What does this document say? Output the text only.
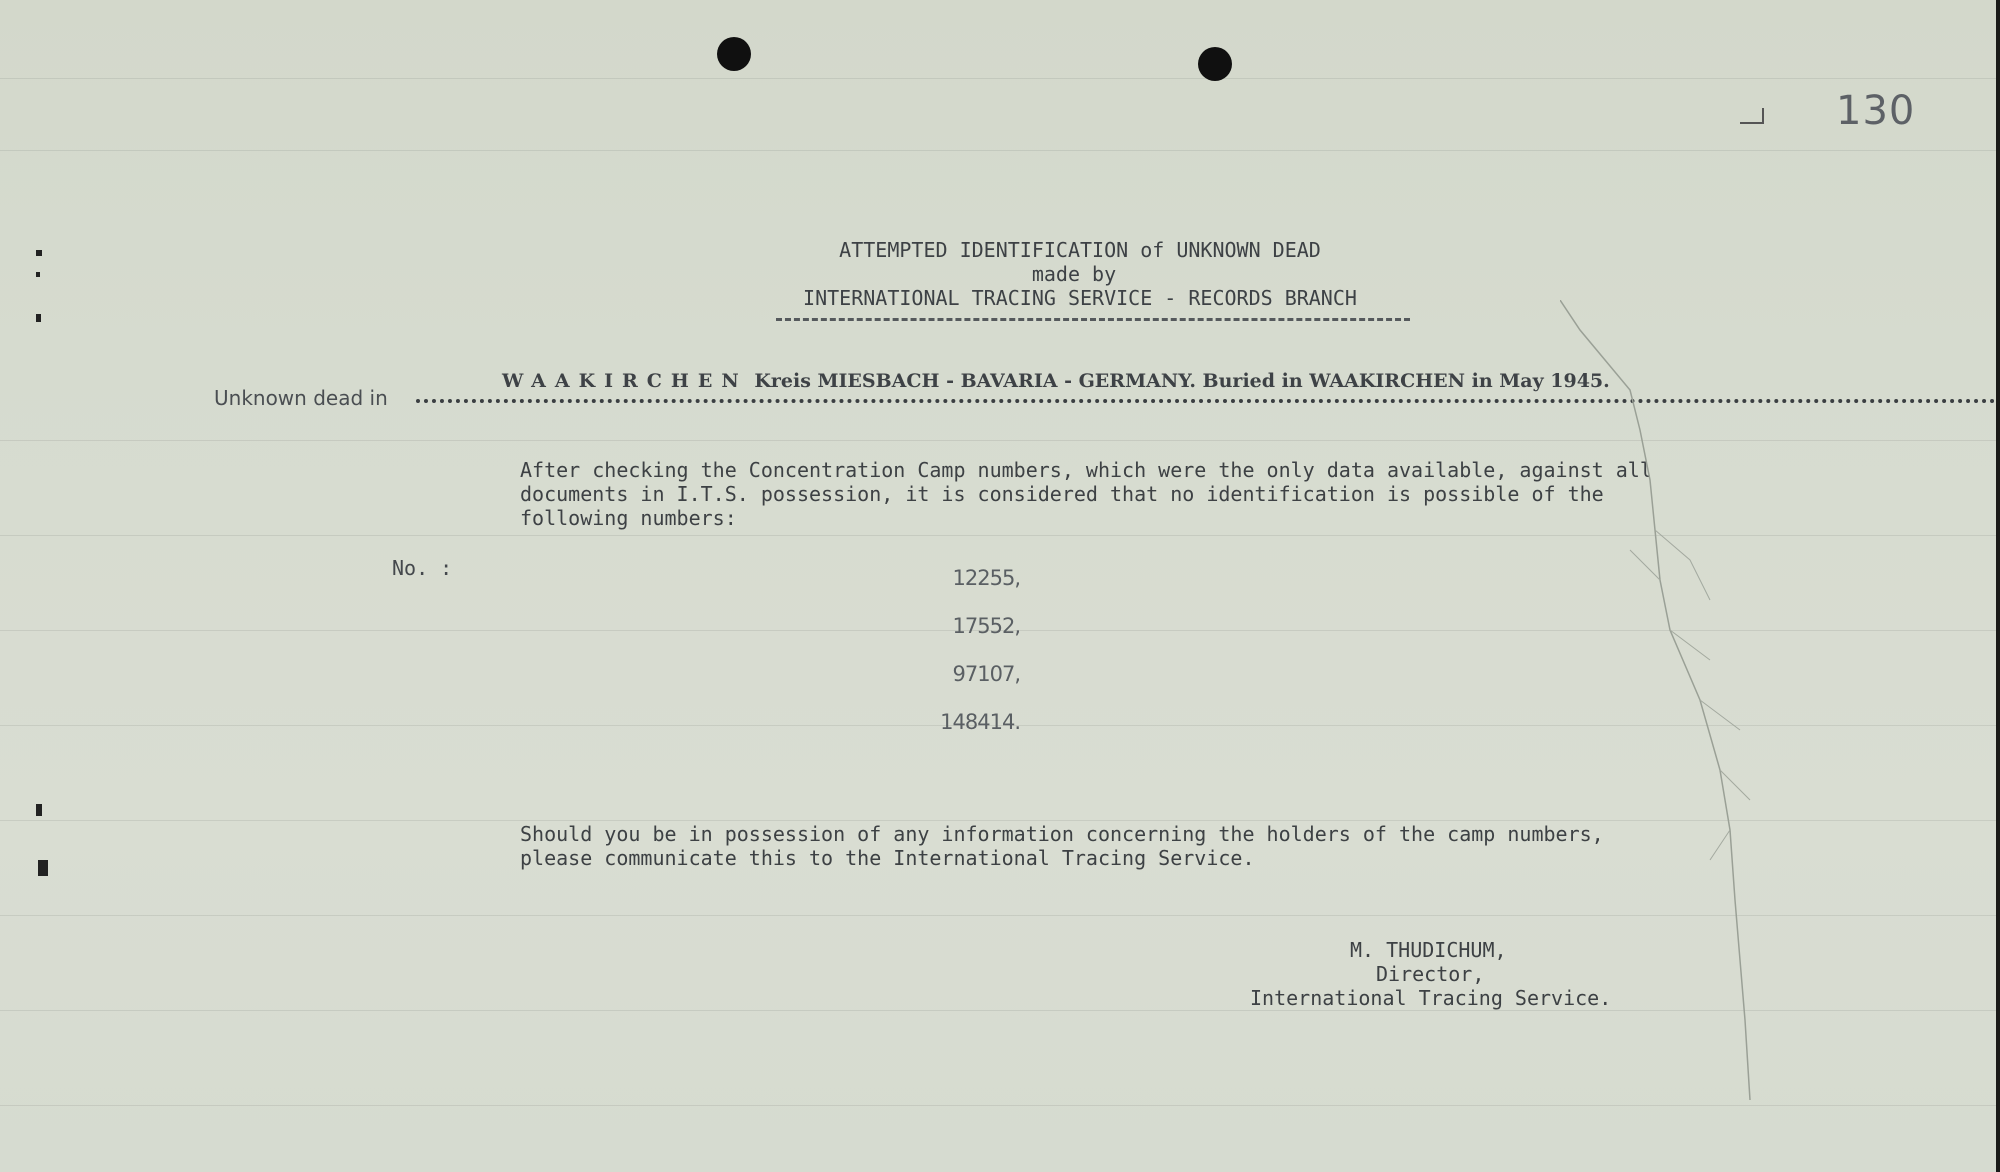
130
ATTEMPTED IDENTIFICATION of UNKNOWN DEAD
made by
INTERNATIONAL TRACING SERVICE - RECORDS BRANCH
Unknown dead in
WAAKIRCHEN Kreis MIESBACH - BAVARIA - GERMANY. Buried in WAAKIRCHEN in May 1945.
After checking the Concentration Camp numbers, which were the only data available, against all
documents in I.T.S. possession, it is considered that no identification is possible of the
following numbers:
No. :	12255,
17552,
97107,
148414.
Should you be in possession of any information concerning the holders of the camp numbers,
please communicate this to the International Tracing Service.
M. THUDICHUM,
Director,
International Tracing Service.
